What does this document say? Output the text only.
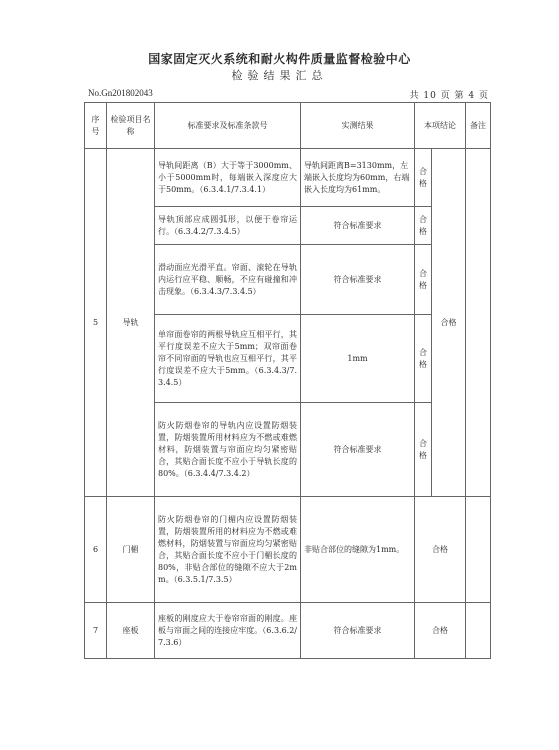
国家固定灭火系统和耐火构件质量监督检验中心
检验结果汇总
No.Gn201802043	共 10 页 第 4 页
序号	检验项目名称	标准要求及标准条款号	实测结果	本项结论		备注
5	导轨	导轨间距离（B）大于等于3000mm、小于5000mm时，每端嵌入深度应大于50mm。（6.3.4.1/7.3.4.1）	导轨间距离B=3130mm，左端嵌入长度均为60mm，右端嵌入长度均为61mm。	合格	合格	
		导轨顶部应成圆弧形，以便于卷帘运行。（6.3.4.2/7.3.4.5）	符合标准要求	合格		
		滑动面应光滑平直。帘面、滚轮在导轨内运行应平稳、顺畅，不应有碰撞和冲击现象。（6.3.4.3/7.3.4.5）	符合标准要求	合格		
		单帘面卷帘的两根导轨应互相平行，其平行度误差不应大于5mm；双帘面卷帘不同帘面的导轨也应互相平行，其平行度误差不应大于5mm。（6.3.4.3/7.3.4.5）	1mm	合格		
		防火防烟卷帘的导轨内应设置防烟装置，防烟装置所用材料应为不燃或难燃材料，防烟装置与帘面应均匀紧密贴合，其贴合面长度不应小于导轨长度的80%。（6.3.4.4/7.3.4.2）	符合标准要求	合格		
6	门楣	防火防烟卷帘的门楣内应设置防烟装置，防烟装置所用的材料应为不燃或难燃材料，防烟装置与帘面应均匀紧密贴合，其贴合面长度不应小于门楣长度的80%，非贴合部位的缝隙不应大于2mm。（6.3.5.1/7.3.5）	非贴合部位的缝隙为1mm。	合格		
7	座板	座板的刚度应大于卷帘帘面的刚度。座板与帘面之间的连接应牢度。（6.3.6.2/7.3.6）	符合标准要求	合格		
